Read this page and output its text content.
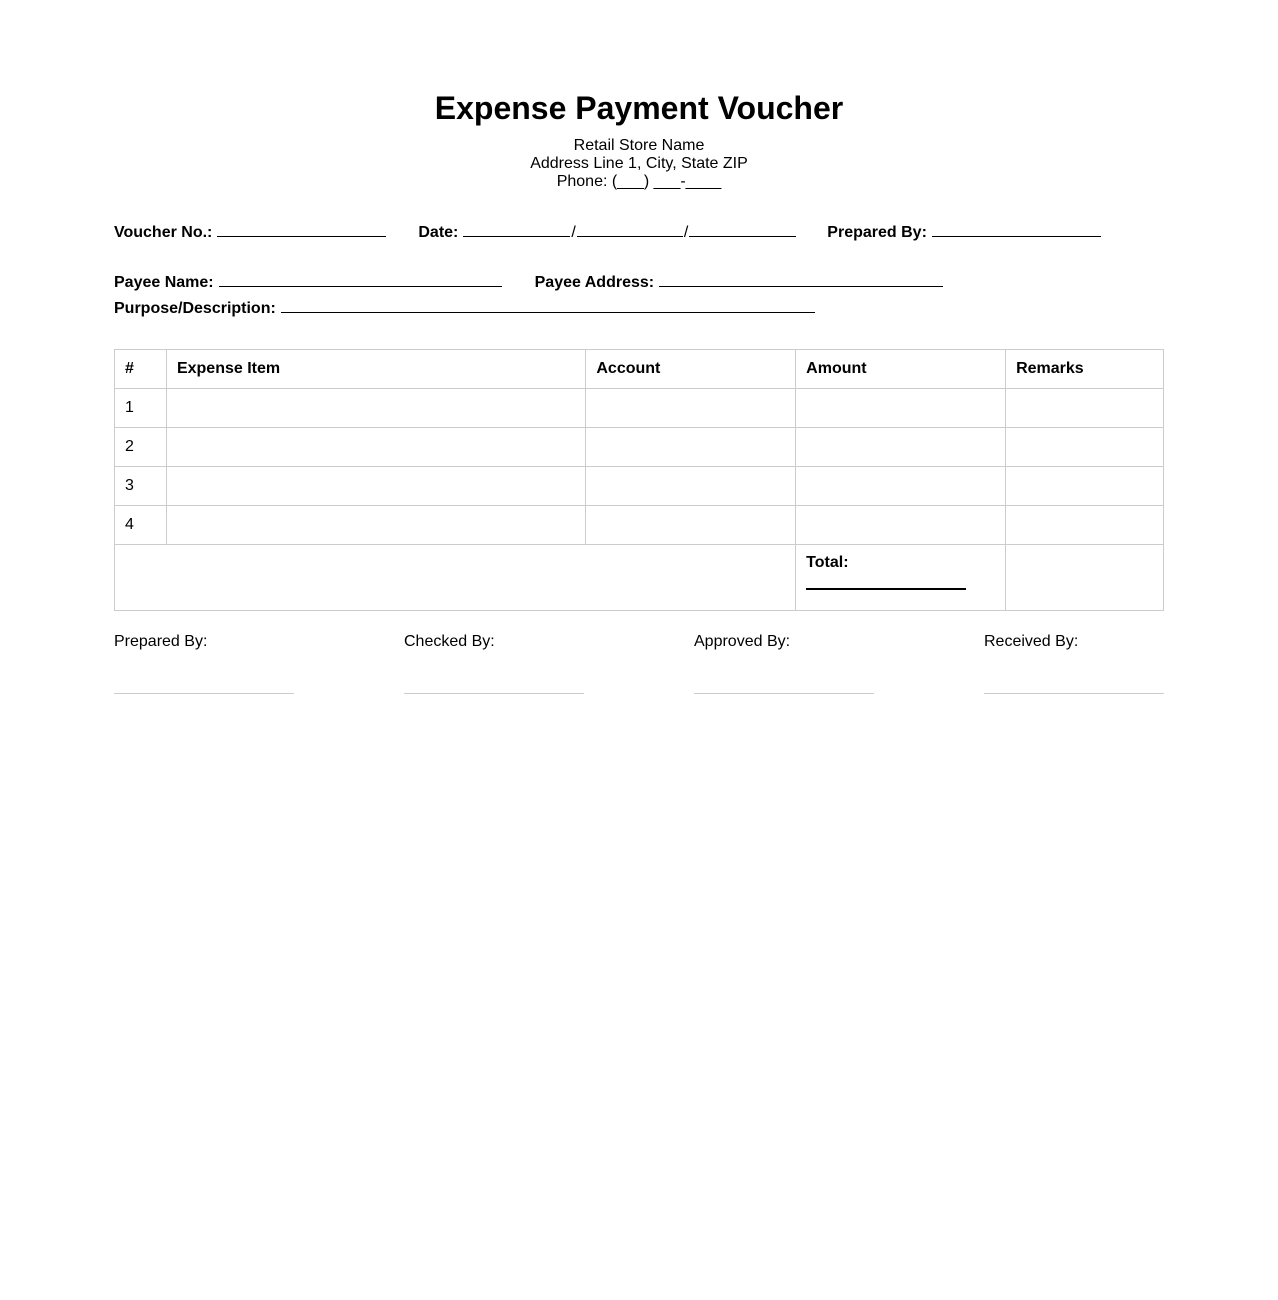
Expense Payment Voucher
Retail Store Name
Address Line 1, City, State ZIP
Phone: (___) ___-____
Voucher No.:	Date:	/	/	Prepared By:
Payee Name:	Payee Address:
Purpose/Description:
#	Expense Item	Account	Amount	Remarks
1				
2				
3				
4				

			Total:	

Prepared By:	Checked By:	Approved By:	Received By:
